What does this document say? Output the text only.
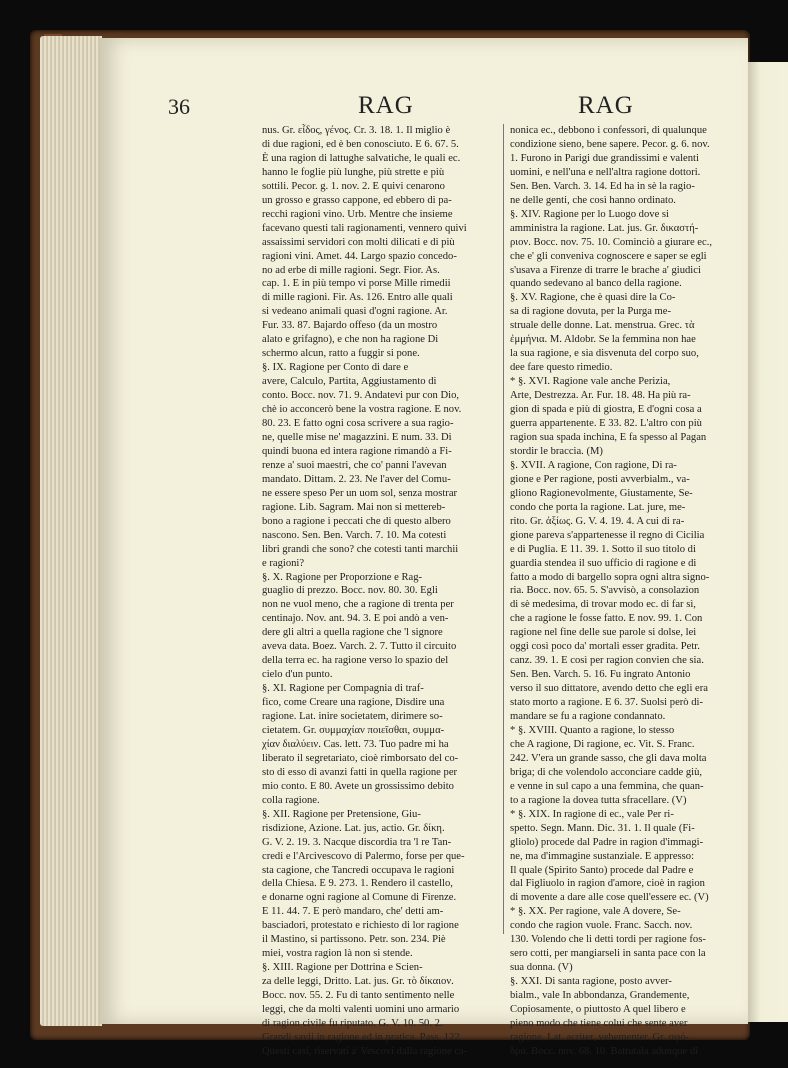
36	RAG	RAG
nus. Gr. εἶδος, γένος. Cr. 3. 18. 1. Il miglio è
di due ragioni, ed è ben conosciuto. E 6. 67. 5.
È una ragion di lattughe salvatiche, le quali ec.
hanno le foglie più lunghe, più strette e più
sottili. Pecor. g. 1. nov. 2. E quivi cenarono
un grosso e grasso cappone, ed ebbero di pa-
recchi ragioni vino. Urb. Mentre che insieme
facevano questi tali ragionamenti, vennero quivi
assaissimi servidori con molti dilicati e di più
ragioni vini. Amet. 44. Largo spazio concedo-
no ad erbe di mille ragioni. Segr. Fior. As.
cap. 1. E in più tempo vi porse Mille rimedii
di mille ragioni. Fir. As. 126. Entro alle quali
si vedeano animali quasi d'ogni ragione. Ar.
Fur. 33. 87. Bajardo offeso (da un mostro
alato e grifagno), e che non ha ragione Di
schermo alcun, ratto a fuggir si pone.
§. IX. Ragione per Conto di dare e
avere, Calculo, Partita, Aggiustamento di
conto. Bocc. nov. 71. 9. Andatevi pur con Dio,
chè io acconcerò bene la vostra ragione. E nov.
80. 23. E fatto ogni cosa scrivere a sua ragio-
ne, quelle mise ne' magazzini. E num. 33. Di
quindi buona ed intera ragione rimandò a Fi-
renze a' suoi maestri, che co' panni l'avevan
mandato. Dittam. 2. 23. Ne l'aver del Comu-
ne essere speso Per un uom sol, senza mostrar
ragione. Lib. Sagram. Mai non si mettereb-
bono a ragione i peccati che di questo albero
nascono. Sen. Ben. Varch. 7. 10. Ma cotesti
libri grandi che sono? che cotesti tanti marchii
e ragioni?
§. X. Ragione per Proporzione e Rag-
guaglio di prezzo. Bocc. nov. 80. 30. Egli
non ne vuol meno, che a ragione di trenta per
centinajo. Nov. ant. 94. 3. E poi andò a ven-
dere gli altri a quella ragione che 'l signore
aveva data. Boez. Varch. 2. 7. Tutto il circuito
della terra ec. ha ragione verso lo spazio del
cielo d'un punto.
§. XI. Ragione per Compagnia di traf-
fico, come Creare una ragione, Disdire una
ragione. Lat. inire societatem, dirimere so-
cietatem. Gr. συμμαχίαν ποιεῖσθαι, συμμα-
χίαν διαλύειν. Cas. lett. 73. Tuo padre mi ha
liberato il segretariato, cioè rimborsato del co-
sto di esso di avanzi fatti in quella ragione per
mio conto. E 80. Avete un grossissimo debito
colla ragione.
§. XII. Ragione per Pretensione, Giu-
risdizione, Azione. Lat. jus, actio. Gr. δίκη.
G. V. 2. 19. 3. Nacque discordia tra 'l re Tan-
credi e l'Arcivescovo di Palermo, forse per que-
sta cagione, che Tancredi occupava le ragioni
della Chiesa. E 9. 273. 1. Rendero il castello,
e donarne ogni ragione al Comune di Firenze.
E 11. 44. 7. E però mandaro, che' detti am-
basciadori, protestato e richiesto di lor ragione
il Mastino, si partissono. Petr. son. 234. Piè
miei, vostra ragion là non si stende.
§. XIII. Ragione per Dottrina e Scien-
za delle leggi, Dritto. Lat. jus. Gr. τὸ δίκαιον.
Bocc. nov. 55. 2. Fu di tanto sentimento nelle
leggi, che da molti valenti uomini uno armario
di ragion civile fu riputato. G. V. 10. 50. 2.
Grandi savii in ragione ed in pratica. Pass. 122.
Questi casi, riservati a' Vescovi dalla ragione ca-
nonica ec., debbono i confessori, di qualunque
condizione sieno, bene sapere. Pecor. g. 6. nov.
1. Furono in Parigi due grandissimi e valenti
uomini, e nell'una e nell'altra ragione dottori.
Sen. Ben. Varch. 3. 14. Ed ha in sè la ragio-
ne delle genti, che così hanno ordinato.
§. XIV. Ragione per lo Luogo dove si
amministra la ragione. Lat. jus. Gr. δικαστή-
ριον. Bocc. nov. 75. 10. Cominciò a giurare ec.,
che e' gli conveniva cognoscere e saper se egli
s'usava a Firenze di trarre le brache a' giudici
quando sedevano al banco della ragione.
§. XV. Ragione, che è quasi dire la Co-
sa di ragione dovuta, per la Purga me-
struale delle donne. Lat. menstrua. Grec. τὰ
ἐμμήνια. M. Aldobr. Se la femmina non hae
la sua ragione, e sia disvenuta del corpo suo,
dee fare questo rimedio.
* §. XVI. Ragione vale anche Perizia,
Arte, Destrezza. Ar. Fur. 18. 48. Ha più ra-
gion di spada e più di giostra, E d'ogni cosa a
guerra appartenente. E 33. 82. L'altro con più
ragion sua spada inchina, E fa spesso al Pagan
stordir le braccia. (M)
§. XVII. A ragione, Con ragione, Di ra-
gione e Per ragione, posti avverbialm., va-
gliono Ragionevolmente, Giustamente, Se-
condo che porta la ragione. Lat. jure, me-
rito. Gr. ἀξίως. G. V. 4. 19. 4. A cui di ra-
gione pareva s'appartenesse il regno di Cicilia
e di Puglia. E 11. 39. 1. Sotto il suo titolo di
guardia stendea il suo ufficio di ragione e di
fatto a modo di bargello sopra ogni altra signo-
ria. Bocc. nov. 65. 5. S'avvisò, a consolazion
di sè medesima, di trovar modo ec. di far sì,
che a ragione le fosse fatto. E nov. 99. 1. Con
ragione nel fine delle sue parole si dolse, lei
oggi così poco da' mortali esser gradita. Petr.
canz. 39. 1. E così per ragion convien che sia.
Sen. Ben. Varch. 5. 16. Fu ingrato Antonio
verso il suo dittatore, avendo detto che egli era
stato morto a ragione. E 6. 37. Suolsi però di-
mandare se fu a ragione condannato.
* §. XVIII. Quanto a ragione, lo stesso
che A ragione, Di ragione, ec. Vit. S. Franc.
242. V'era un grande sasso, che gli dava molta
briga; di che volendolo acconciare cadde giù,
e venne in sul capo a una femmina, che quan-
to a ragione la dovea tutta sfracellare. (V)
* §. XIX. In ragione di ec., vale Per ri-
spetto. Segn. Mann. Dic. 31. 1. Il quale (Fi-
gliolo) procede dal Padre in ragion d'immagi-
ne, ma d'immagine sustanziale. E appresso:
Il quale (Spirito Santo) procede dal Padre e
dal Figliuolo in ragion d'amore, cioè in ragion
di movente a dare alle cose quell'essere ec. (V)
* §. XX. Per ragione, vale A dovere, Se-
condo che ragion vuole. Franc. Sacch. nov.
130. Volendo che li detti tordi per ragione fos-
sero cotti, per mangiarseli in santa pace con la
sua donna. (V)
§. XXI. Di santa ragione, posto avver-
bialm., vale In abbondanza, Grandemente,
Copiosamente, o piuttosto A quel libero e
pieno modo che tiene colui che sente aver
ragione. Lat. acriter, vehementer. Gr. σφό-
δρα. Bocc. nov. 68. 10. Battutala adunque di
